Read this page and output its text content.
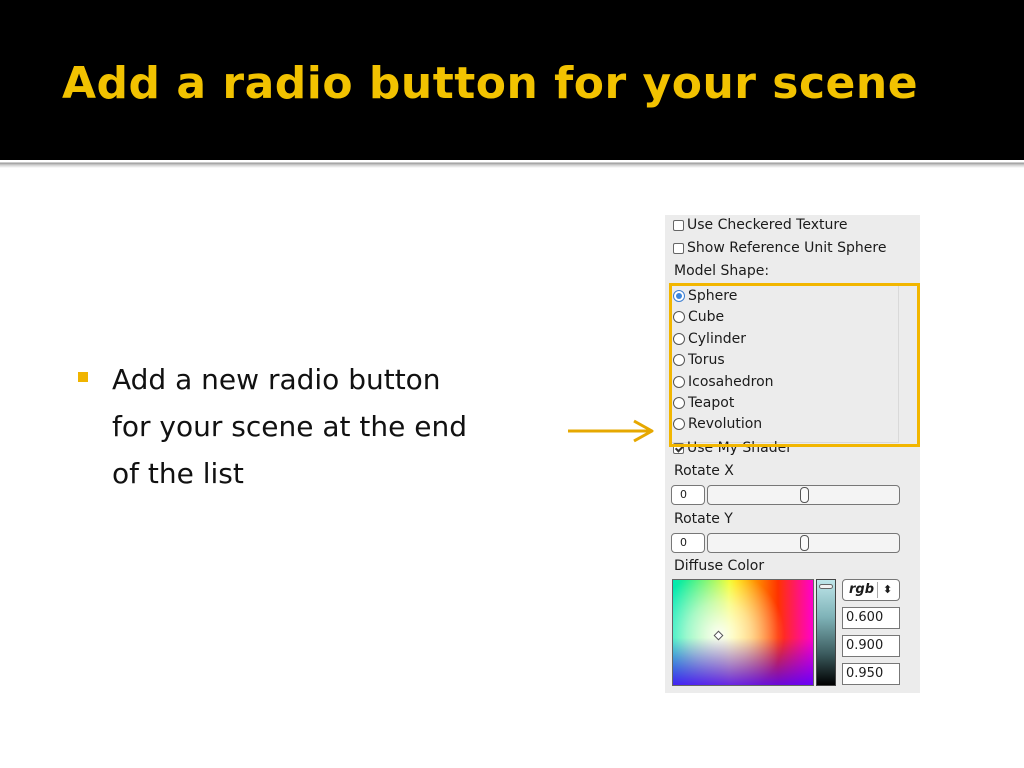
Add a radio button for your scene

Add a new radio button for your scene at the end of the list

Use Checkered Texture
Show Reference Unit Sphere
Model Shape:
Sphere
Cube
Cylinder
Torus
Icosahedron
Teapot
Revolution
Use My Shader
Rotate X
0
Rotate Y
0
Diffuse Color
rgb ⬍
0.600
0.900
0.950
